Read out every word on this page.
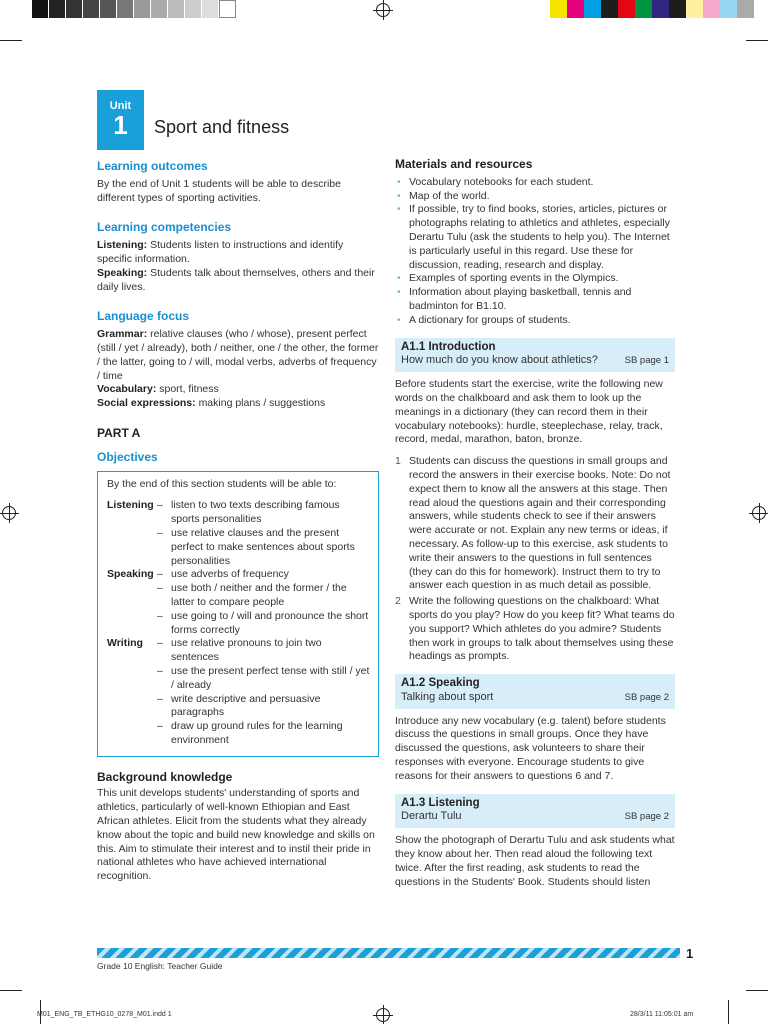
Unit
1	Sport and fitness
Learning outcomes

By the end of Unit 1 students will be able to describe different types of sporting activities.

Learning competencies

Listening: Students listen to instructions and identify specific information.

Speaking: Students talk about themselves, others and their daily lives.

Language focus

Grammar: relative clauses (who / whose), present perfect (still / yet / already), both / neither, one / the other, the former / the latter, going to / will, modal verbs, adverbs of frequency / time

Vocabulary: sport, fitness

Social expressions: making plans / suggestions

PART A
Objectives

By the end of this section students will be able to:

Listening – listen to two texts describing famous sports personalities
– use relative clauses and the present perfect to make sentences about sports personalities
Speaking – use adverbs of frequency
– use both / neither and the former / the latter to compare people
– use going to / will and pronounce the short forms correctly
Writing	– use relative pronouns to join two sentences
– use the present perfect tense with still / yet / already
– write descriptive and persuasive paragraphs
– draw up ground rules for the learning environment
Background knowledge

This unit develops students' understanding of sports and athletics, particularly of well-known Ethiopian and East African athletes. Elicit from the students what they already know about the topic and build new knowledge and skills on this. Aim to stimulate their interest and to instil their pride in national athletes who have achieved international recognition.

Materials and resources
• Vocabulary notebooks for each student.
• Map of the world.
• If possible, try to find books, stories, articles, pictures or photographs relating to athletics and athletes, especially Derartu Tulu (ask the students to help you). The Internet is particularly useful in this regard. Use these for discussion, reading, research and display.
• Examples of sporting events in the Olympics.
• Information about playing basketball, tennis and badminton for B1.10.
• A dictionary for groups of students.
A1.1 Introduction
How much do you know about athletics?	SB page 1

Before students start the exercise, write the following new words on the chalkboard and ask them to look up the meanings in a dictionary (they can record them in their vocabulary notebooks): hurdle, steeplechase, relay, track, record, medal, marathon, baton, bronze.

1 Students can discuss the questions in small groups and record the answers in their exercise books. Note: Do not expect them to know all the answers at this stage. Then read aloud the questions again and their corresponding answers, while students check to see if their answers were accurate or not. Explain any new terms or ideas, if necessary. As follow-up to this exercise, ask students to write their answers to the questions in full sentences (they can do this for homework). Instruct them to try to answer each question in as much detail as possible.
2 Write the following questions on the chalkboard: What sports do you play? How do you keep fit? What teams do you support? Which athletes do you admire? Students then work in groups to talk about themselves using these headings as prompts.
A1.2 Speaking
Talking about sport	SB page 2

Introduce any new vocabulary (e.g. talent) before students discuss the questions in small groups. Once they have discussed the questions, ask volunteers to share their responses with everyone. Encourage students to give reasons for their answers to questions 6 and 7.

A1.3 Listening
Derartu Tulu	SB page 2

Show the photograph of Derartu Tulu and ask students what they know about her. Then read aloud the following text twice. After the first reading, ask students to read the questions in the Students' Book. Students should listen

1
Grade 10 English: Teacher Guide
M01_ENG_TB_ETHG10_0278_M01.indd 1	28/3/11 11:05:01 am
